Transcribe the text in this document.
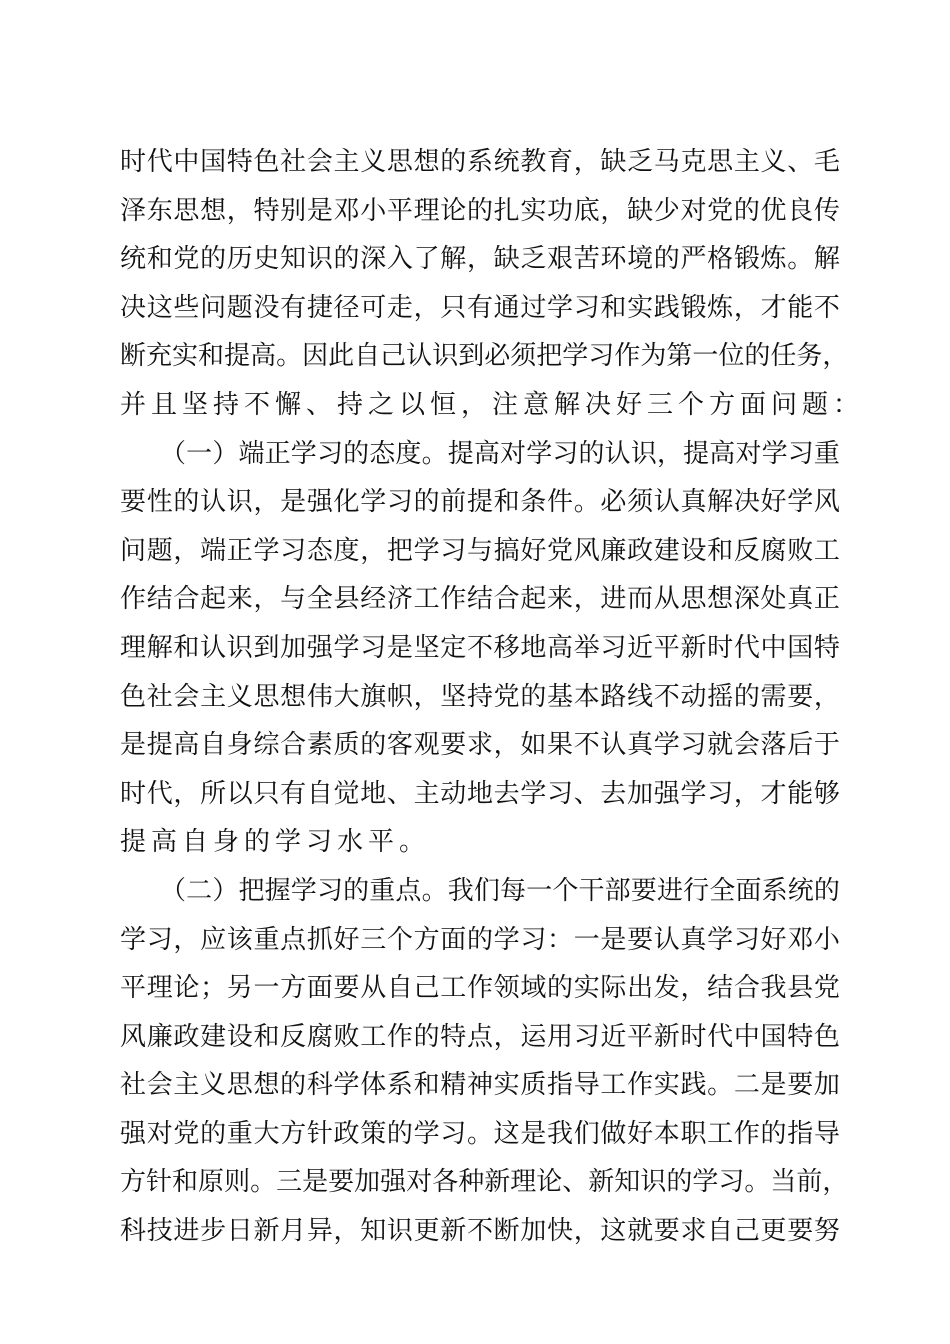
时 代 中 国 特 色 社 会 主 义 思 想 的 系 统 教 育 ， 缺 乏 马 克 思 主 义 、 毛
泽 东 思 想 ， 特 别 是 邓 小 平 理 论 的 扎 实 功 底 ， 缺 少 对 党 的 优 良 传
统 和 党 的 历 史 知 识 的 深 入 了 解 ， 缺 乏 艰 苦 环 境 的 严 格 锻 炼 。 解
决 这 些 问 题 没 有 捷 径 可 走 ， 只 有 通 过 学 习 和 实 践 锻 炼 ， 才 能 不
断 充 实 和 提 高 。 因 此 自 己 认 识 到 必 须 把 学 习 作 为 第 一 位 的 任 务 ，
并且坚持不懈、持之以恒，注意解决好三个方面问题：
（ 一 ） 端 正 学 习 的 态 度 。 提 高 对 学 习 的 认 识 ， 提 高 对 学 习 重
要 性 的 认 识 ， 是 强 化 学 习 的 前 提 和 条 件 。 必 须 认 真 解 决 好 学 风
问 题 ， 端 正 学 习 态 度 ， 把 学 习 与 搞 好 党 风 廉 政 建 设 和 反 腐 败 工
作 结 合 起 来 ， 与 全 县 经 济 工 作 结 合 起 来 ， 进 而 从 思 想 深 处 真 正
理 解 和 认 识 到 加 强 学 习 是 坚 定 不 移 地 高 举 习 近 平 新 时 代 中 国 特
色 社 会 主 义 思 想 伟 大 旗 帜 ， 坚 持 党 的 基 本 路 线 不 动 摇 的 需 要 ，
是 提 高 自 身 综 合 素 质 的 客 观 要 求 ， 如 果 不 认 真 学 习 就 会 落 后 于
时 代 ， 所 以 只 有 自 觉 地 、 主 动 地 去 学 习 、 去 加 强 学 习 ， 才 能 够
提高自身的学习水平。
（ 二 ） 把 握 学 习 的 重 点 。 我 们 每 一 个 干 部 要 进 行 全 面 系 统 的
学 习 ， 应 该 重 点 抓 好 三 个 方 面 的 学 习 ： 一 是 要 认 真 学 习 好 邓 小
平 理 论 ； 另 一 方 面 要 从 自 己 工 作 领 域 的 实 际 出 发 ， 结 合 我 县 党
风 廉 政 建 设 和 反 腐 败 工 作 的 特 点 ， 运 用 习 近 平 新 时 代 中 国 特 色
社 会 主 义 思 想 的 科 学 体 系 和 精 神 实 质 指 导 工 作 实 践 。 二 是 要 加
强 对 党 的 重 大 方 针 政 策 的 学 习 。 这 是 我 们 做 好 本 职 工 作 的 指 导
方 针 和 原 则 。 三 是 要 加 强 对 各 种 新 理 论 、 新 知 识 的 学 习 。 当 前 ，
科 技 进 步 日 新 月 异 ， 知 识 更 新 不 断 加 快 ， 这 就 要 求 自 己 更 要 努
